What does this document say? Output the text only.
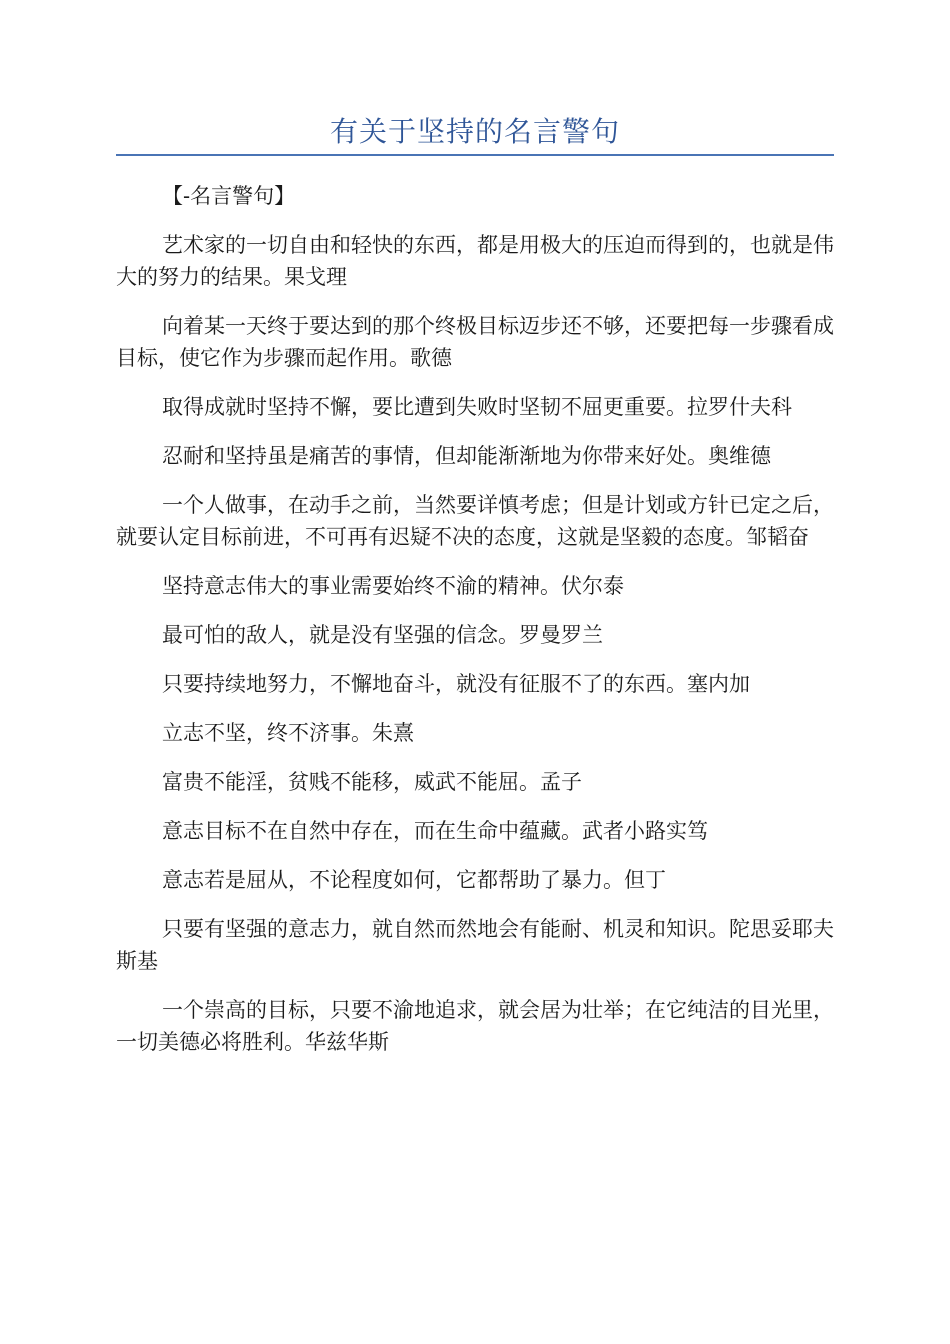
有关于坚持的名言警句

【-名言警句】

艺术家的一切自由和轻快的东西，都是用极大的压迫而得到的，也就是伟大的努力的结果。果戈理

向着某一天终于要达到的那个终极目标迈步还不够，还要把每一步骤看成目标，使它作为步骤而起作用。歌德

取得成就时坚持不懈，要比遭到失败时坚韧不屈更重要。拉罗什夫科

忍耐和坚持虽是痛苦的事情，但却能渐渐地为你带来好处。奥维德

一个人做事，在动手之前，当然要详慎考虑；但是计划或方针已定之后，就要认定目标前进，不可再有迟疑不决的态度，这就是坚毅的态度。邹韬奋

坚持意志伟大的事业需要始终不渝的精神。伏尔泰

最可怕的敌人，就是没有坚强的信念。罗曼罗兰

只要持续地努力，不懈地奋斗，就没有征服不了的东西。塞内加

立志不坚，终不济事。朱熹

富贵不能淫，贫贱不能移，威武不能屈。孟子

意志目标不在自然中存在，而在生命中蕴藏。武者小路实笃

意志若是屈从，不论程度如何，它都帮助了暴力。但丁

只要有坚强的意志力，就自然而然地会有能耐、机灵和知识。陀思妥耶夫斯基

一个崇高的目标，只要不渝地追求，就会居为壮举；在它纯洁的目光里，一切美德必将胜利。华兹华斯
